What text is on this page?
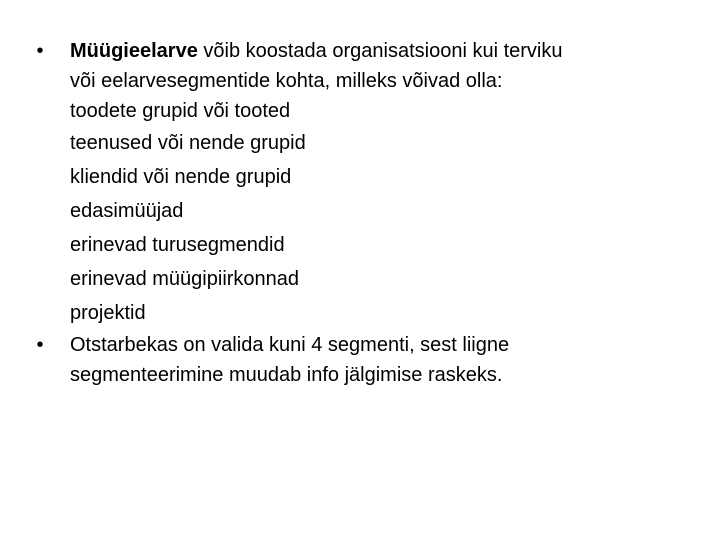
•	Müügieelarve võib koostada organisatsiooni kui terviku
või eelarvesegmentide kohta, milleks võivad olla:
toodete grupid või tooted
teenused või nende grupid
kliendid või nende grupid
edasimüüjad
erinevad turusegmendid
erinevad müügipiirkonnad
projektid
•	Otstarbekas on valida kuni 4 segmenti, sest liigne
segmenteerimine muudab info jälgimise raskeks.
